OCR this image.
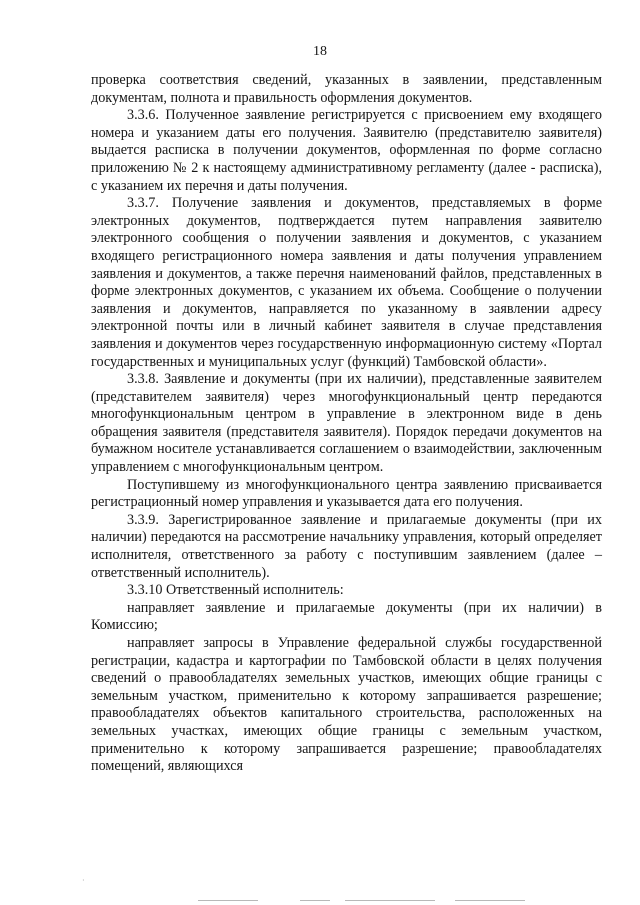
18

проверка соответствия сведений, указанных в заявлении, представленным документам, полнота и правильность оформления документов.

3.3.6. Полученное заявление регистрируется с присвоением ему входящего номера и указанием даты его получения. Заявителю (представителю заявителя) выдается расписка в получении документов, оформленная по форме согласно приложению № 2 к настоящему административному регламенту (далее - расписка), с указанием их перечня и даты получения.

3.3.7. Получение заявления и документов, представляемых в форме электронных документов, подтверждается путем направления заявителю электронного сообщения о получении заявления и документов, с указанием входящего регистрационного номера заявления и даты получения управлением заявления и документов, а также перечня наименований файлов, представленных в форме электронных документов, с указанием их объема. Сообщение о получении заявления и документов, направляется по указанному в заявлении адресу электронной почты или в личный кабинет заявителя в случае представления заявления и документов через государственную информационную систему «Портал государственных и муниципальных услуг (функций) Тамбовской области».

3.3.8. Заявление и документы (при их наличии), представленные заявителем (представителем заявителя) через многофункциональный центр передаются многофункциональным центром в управление в электронном виде в день обращения заявителя (представителя заявителя). Порядок передачи документов на бумажном носителе устанавливается соглашением о взаимодействии, заключенным управлением с многофункциональным центром.

Поступившему из многофункционального центра заявлению присваивается регистрационный номер управления и указывается дата его получения.

3.3.9. Зарегистрированное заявление и прилагаемые документы (при их наличии) передаются на рассмотрение начальнику управления, который определяет исполнителя, ответственного за работу с поступившим заявлением (далее – ответственный исполнитель).

3.3.10 Ответственный исполнитель:

направляет заявление и прилагаемые документы (при их наличии) в Комиссию;

направляет запросы в Управление федеральной службы государственной регистрации, кадастра и картографии по Тамбовской области в целях получения сведений о правообладателях земельных участков, имеющих общие границы с земельным участком, применительно к которому запрашивается разрешение; правообладателях объектов капитального строительства, расположенных на земельных участках, имеющих общие границы с земельным участком, применительно к которому запрашивается разрешение; правообладателях помещений, являющихся

·
